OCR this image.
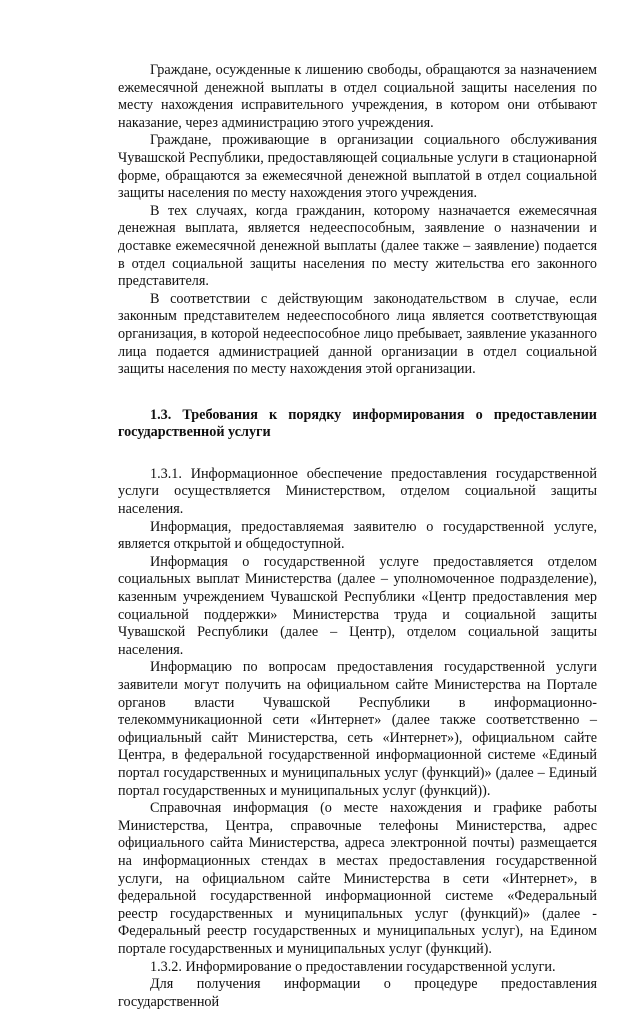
Граждане, осужденные к лишению свободы, обращаются за назначением ежемесячной денежной выплаты в отдел социальной защиты населения по месту нахождения исправительного учреждения, в котором они отбывают наказание, через администрацию этого учреждения.

Граждане, проживающие в организации социального обслуживания Чувашской Республики, предоставляющей социальные услуги в стационарной форме, обращаются за ежемесячной денежной выплатой в отдел социальной защиты населения по месту нахождения этого учреждения.

В тех случаях, когда гражданин, которому назначается ежемесячная денежная выплата, является недееспособным, заявление о назначении и доставке ежемесячной денежной выплаты (далее также – заявление) подается в отдел социальной защиты населения по месту жительства его законного представителя.

В соответствии с действующим законодательством в случае, если законным представителем недееспособного лица является соответствующая организация, в которой недееспособное лицо пребывает, заявление указанного лица подается администрацией данной организации в отдел социальной защиты населения по месту нахождения этой организации.

1.3. Требования к порядку информирования о предоставлении государственной услуги

1.3.1. Информационное обеспечение предоставления государственной услуги осуществляется Министерством, отделом социальной защиты населения.

Информация, предоставляемая заявителю о государственной услуге, является открытой и общедоступной.

Информация о государственной услуге предоставляется отделом социальных выплат Министерства (далее – уполномоченное подразделение), казенным учреждением Чувашской Республики «Центр предоставления мер социальной поддержки» Министерства труда и социальной защиты Чувашской Республики (далее – Центр), отделом социальной защиты населения.

Информацию по вопросам предоставления государственной услуги заявители могут получить на официальном сайте Министерства на Портале органов власти Чувашской Республики в информационно-телекоммуникационной сети «Интернет» (далее также соответственно – официальный сайт Министерства, сеть «Интернет»), официальном сайте Центра, в федеральной государственной информационной системе «Единый портал государственных и муниципальных услуг (функций)» (далее – Единый портал государственных и муниципальных услуг (функций)).

Справочная информация (о месте нахождения и графике работы Министерства, Центра, справочные телефоны Министерства, адрес официального сайта Министерства, адреса электронной почты) размещается на информационных стендах в местах предоставления государственной услуги, на официальном сайте Министерства в сети «Интернет», в федеральной государственной информационной системе «Федеральный реестр государственных и муниципальных услуг (функций)» (далее - Федеральный реестр государственных и муниципальных услуг), на Едином портале государственных и муниципальных услуг (функций).

1.3.2. Информирование о предоставлении государственной услуги.

Для получения информации о процедуре предоставления государственной
